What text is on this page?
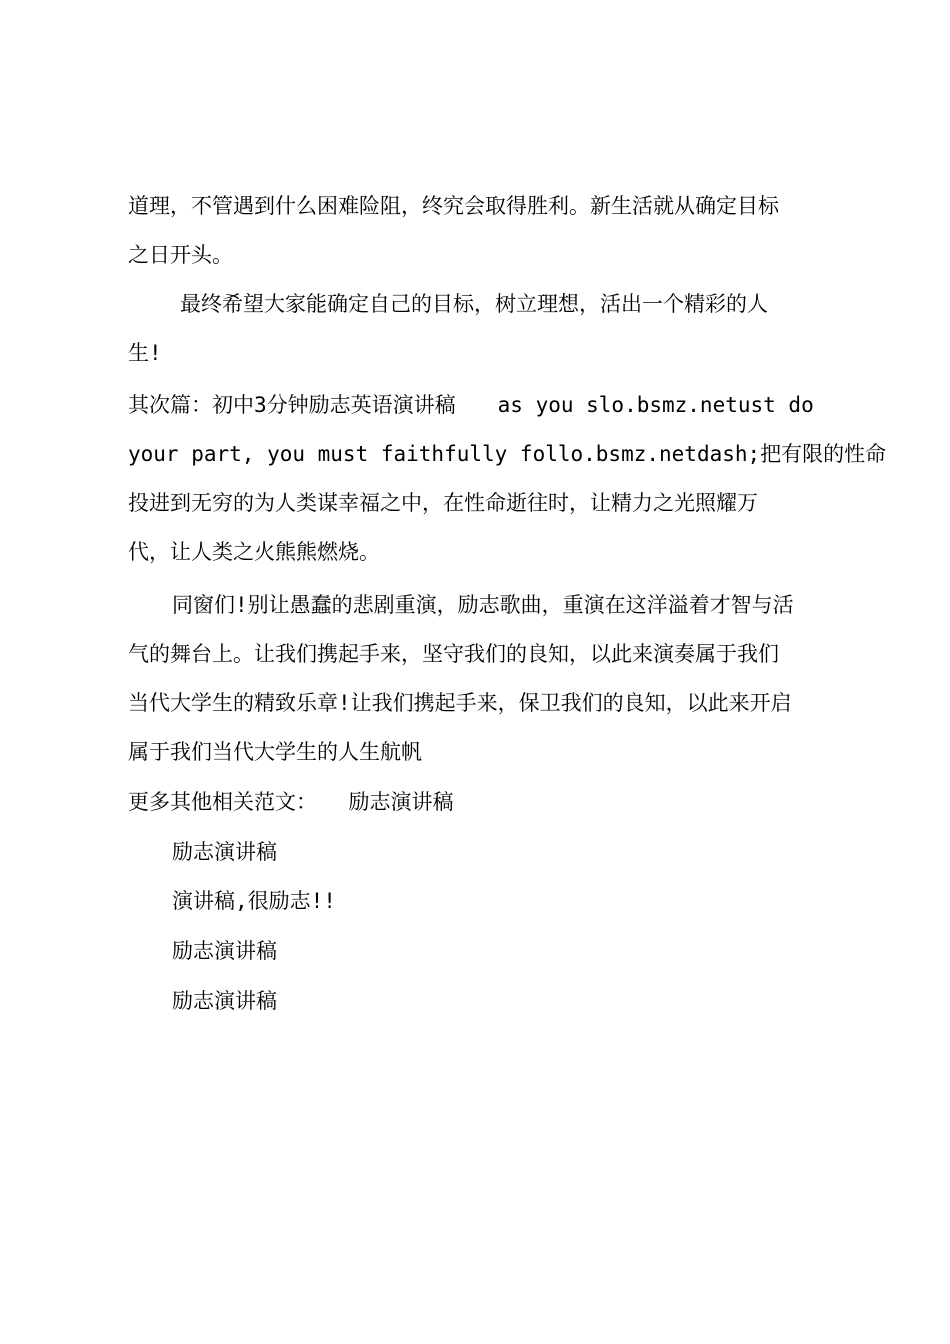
道理，不管遇到什么困难险阻，终究会取得胜利。新生活就从确定目标
之日开头。
最终希望大家能确定自己的目标，树立理想，活出一个精彩的人
生!
其次篇：初中3分钟励志英语演讲稿　　as you slo.bsmz.netust do
your part, you must faithfully follo.bsmz.netdash;把有限的性命
投进到无穷的为人类谋幸福之中，在性命逝往时，让精力之光照耀万
代，让人类之火熊熊燃烧。
同窗们!别让愚蠢的悲剧重演，励志歌曲，重演在这洋溢着才智与活
气的舞台上。让我们携起手来，坚守我们的良知，以此来演奏属于我们
当代大学生的精致乐章!让我们携起手来，保卫我们的良知，以此来开启
属于我们当代大学生的人生航帆
更多其他相关范文：　　励志演讲稿
励志演讲稿
演讲稿,很励志!!
励志演讲稿
励志演讲稿
